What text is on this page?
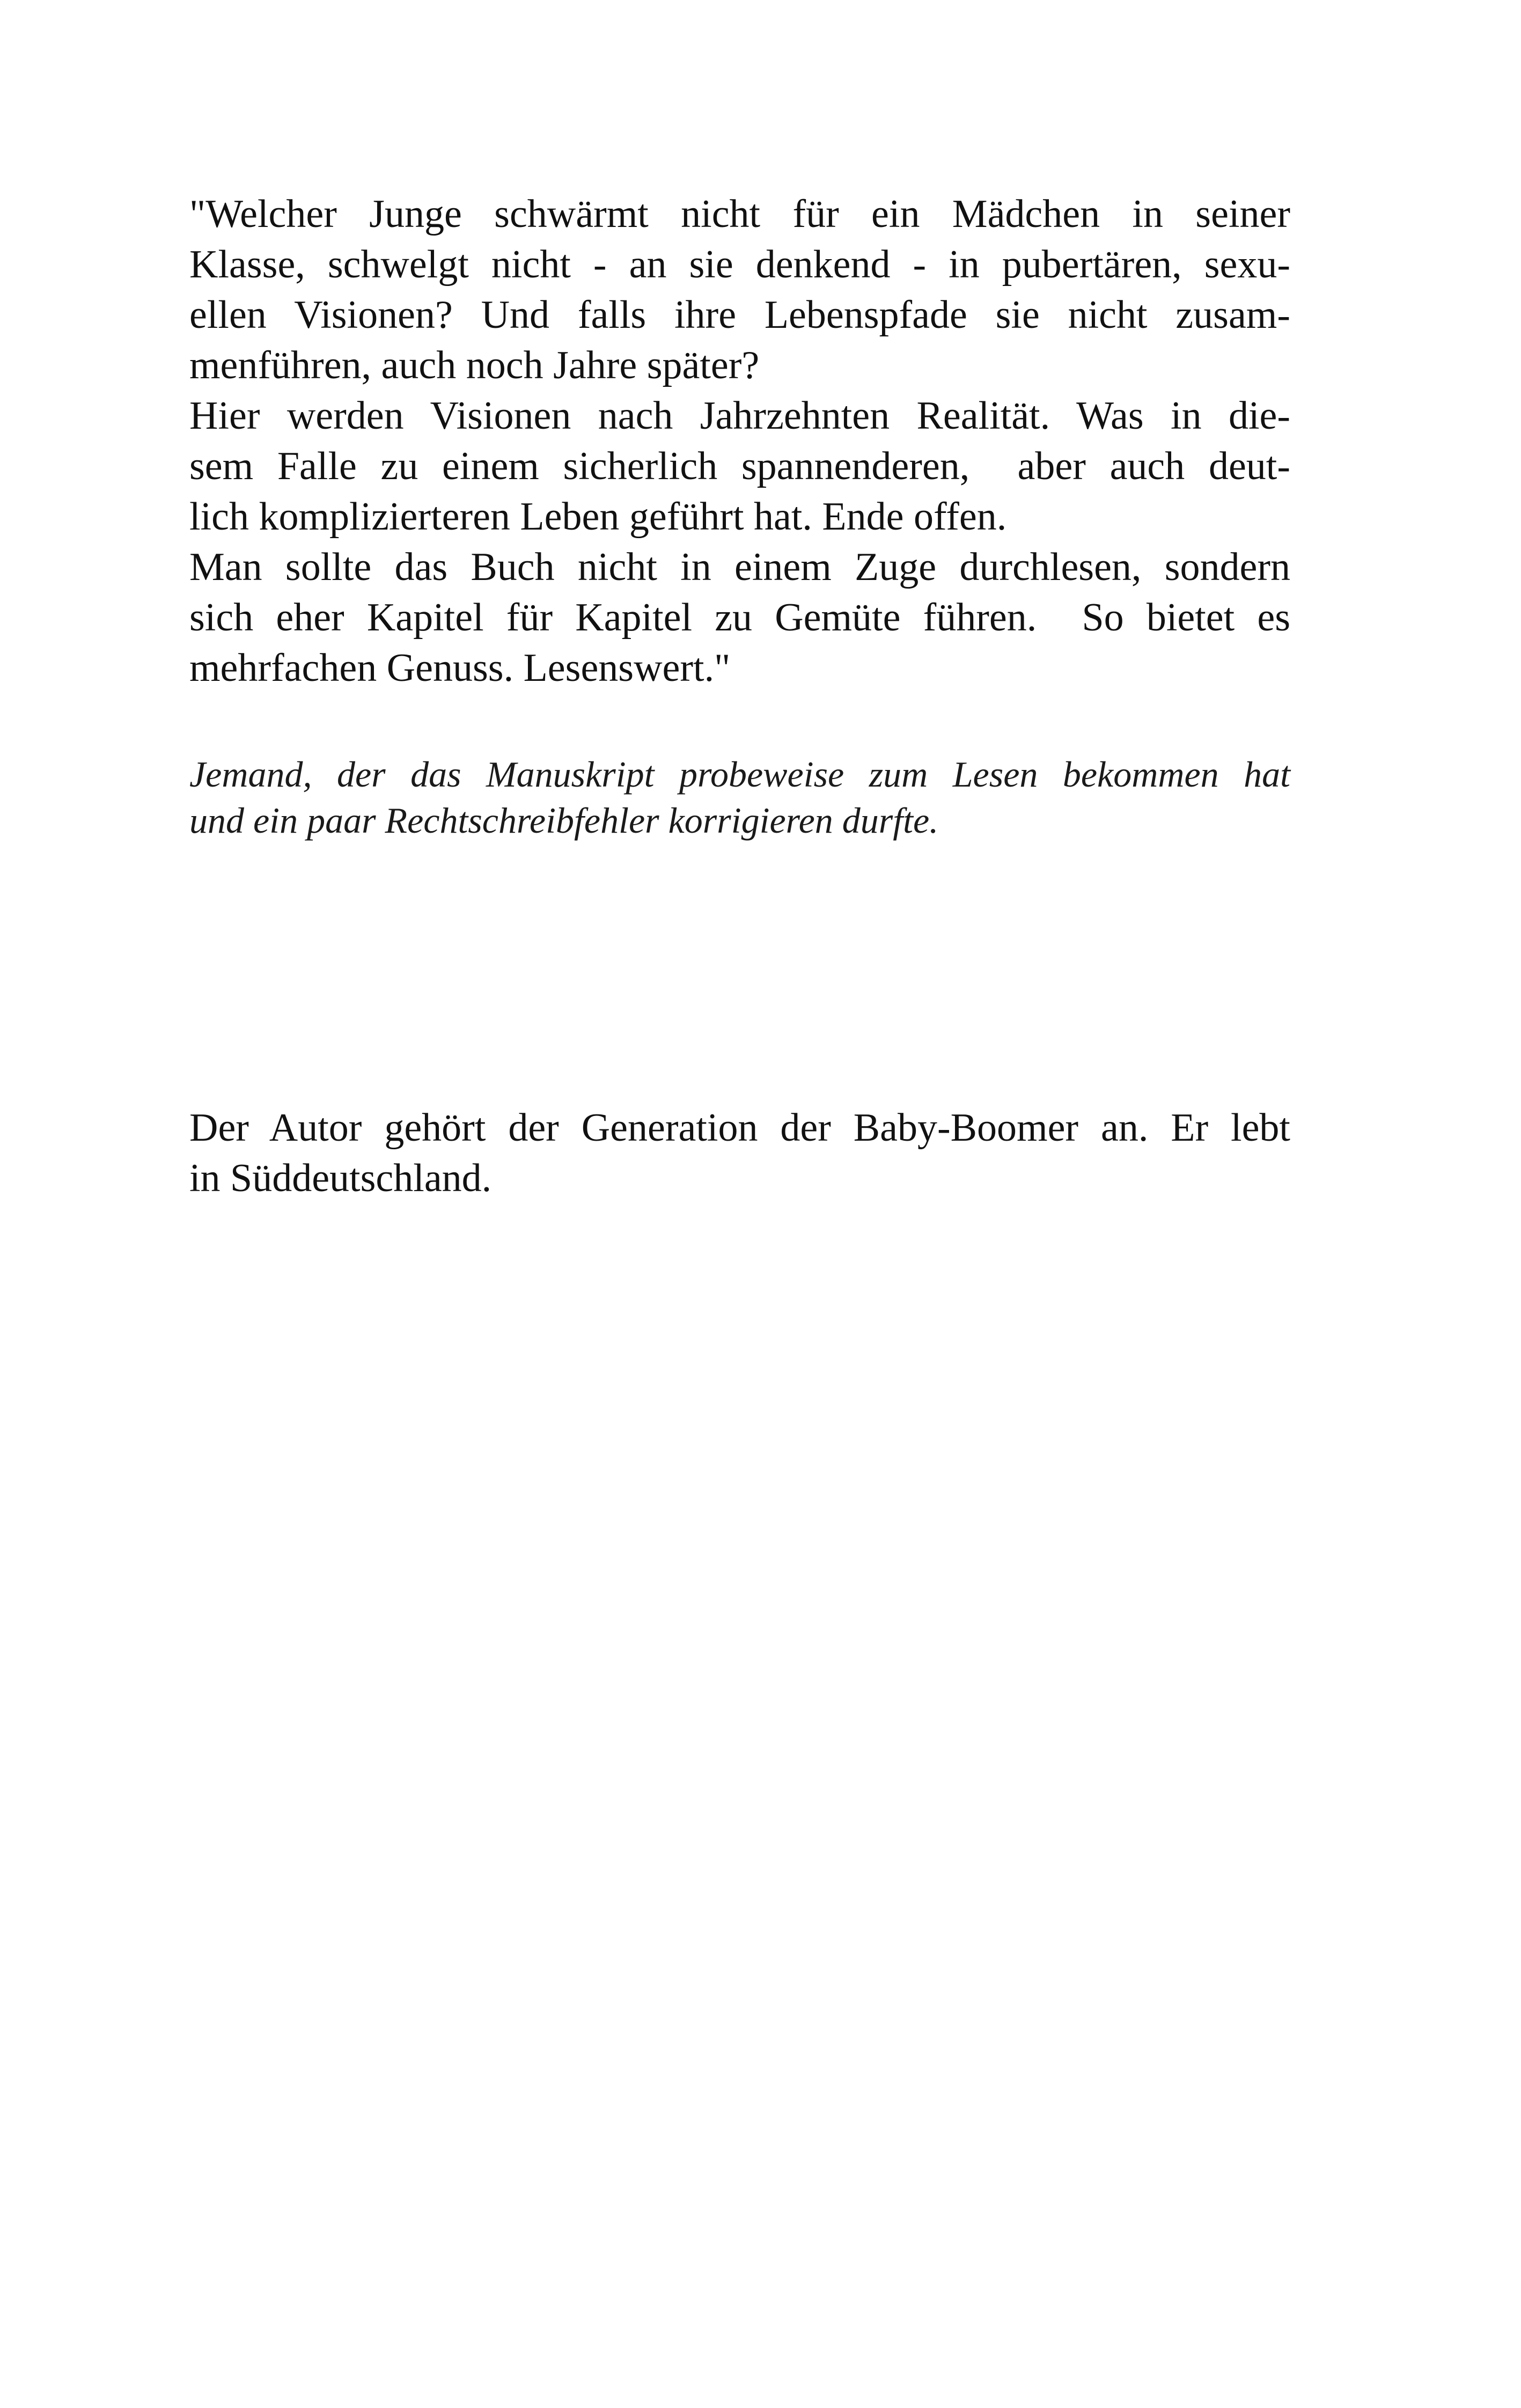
"Welcher Junge schwärmt nicht für ein Mädchen in seiner
Klasse, schwelgt nicht - an sie denkend - in pubertären, sexu-
ellen Visionen? Und falls ihre Lebenspfade sie nicht zusam-
menführen, auch noch Jahre später?
Hier werden Visionen nach Jahrzehnten Realität. Was in die-
sem Falle zu einem sicherlich spannenderen,  aber auch deut-
lich komplizierteren Leben geführt hat. Ende offen.
Man sollte das Buch nicht in einem Zuge durchlesen, sondern
sich eher Kapitel für Kapitel zu Gemüte führen.  So bietet es
mehrfachen Genuss. Lesenswert."
Jemand, der das Manuskript probeweise zum Lesen bekommen hat
und ein paar Rechtschreibfehler korrigieren durfte.
Der Autor gehört der Generation der Baby-Boomer an. Er lebt
in Süddeutschland.
